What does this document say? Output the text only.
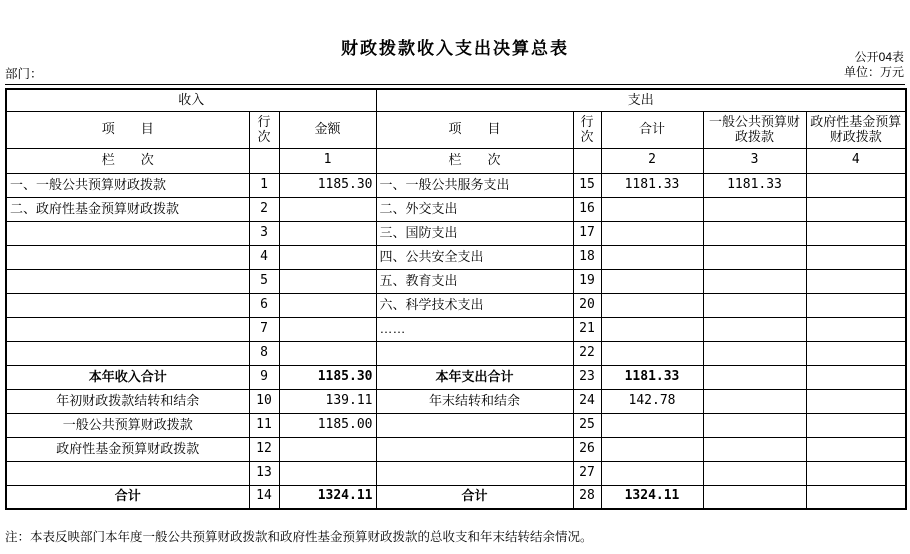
财政拨款收入支出决算总表	公开04表
单位：万元
部门：
收入			支出				
项　　目	行次	金额	项　　目	行次	合计	一般公共预算财政拨款	政府性基金预算财政拨款
栏　　次		1	栏　　次		2	3	4
一、一般公共预算财政拨款	1	1185.30	一、一般公共服务支出	15	1181.33	1181.33	
二、政府性基金预算财政拨款	2		二、外交支出	16			
	3		三、国防支出	17			
	4		四、公共安全支出	18			
	5		五、教育支出	19			
	6		六、科学技术支出	20			
	7		……	21			
	8			22			
本年收入合计	9	1185.30	本年支出合计	23	1181.33		
年初财政拨款结转和结余	10	139.11	年末结转和结余	24	142.78		
一般公共预算财政拨款	11	1185.00		25			
政府性基金预算财政拨款	12			26			
	13			27			
合计	14	1324.11	合计	28	1324.11		
注：本表反映部门本年度一般公共预算财政拨款和政府性基金预算财政拨款的总收支和年末结转结余情况。
